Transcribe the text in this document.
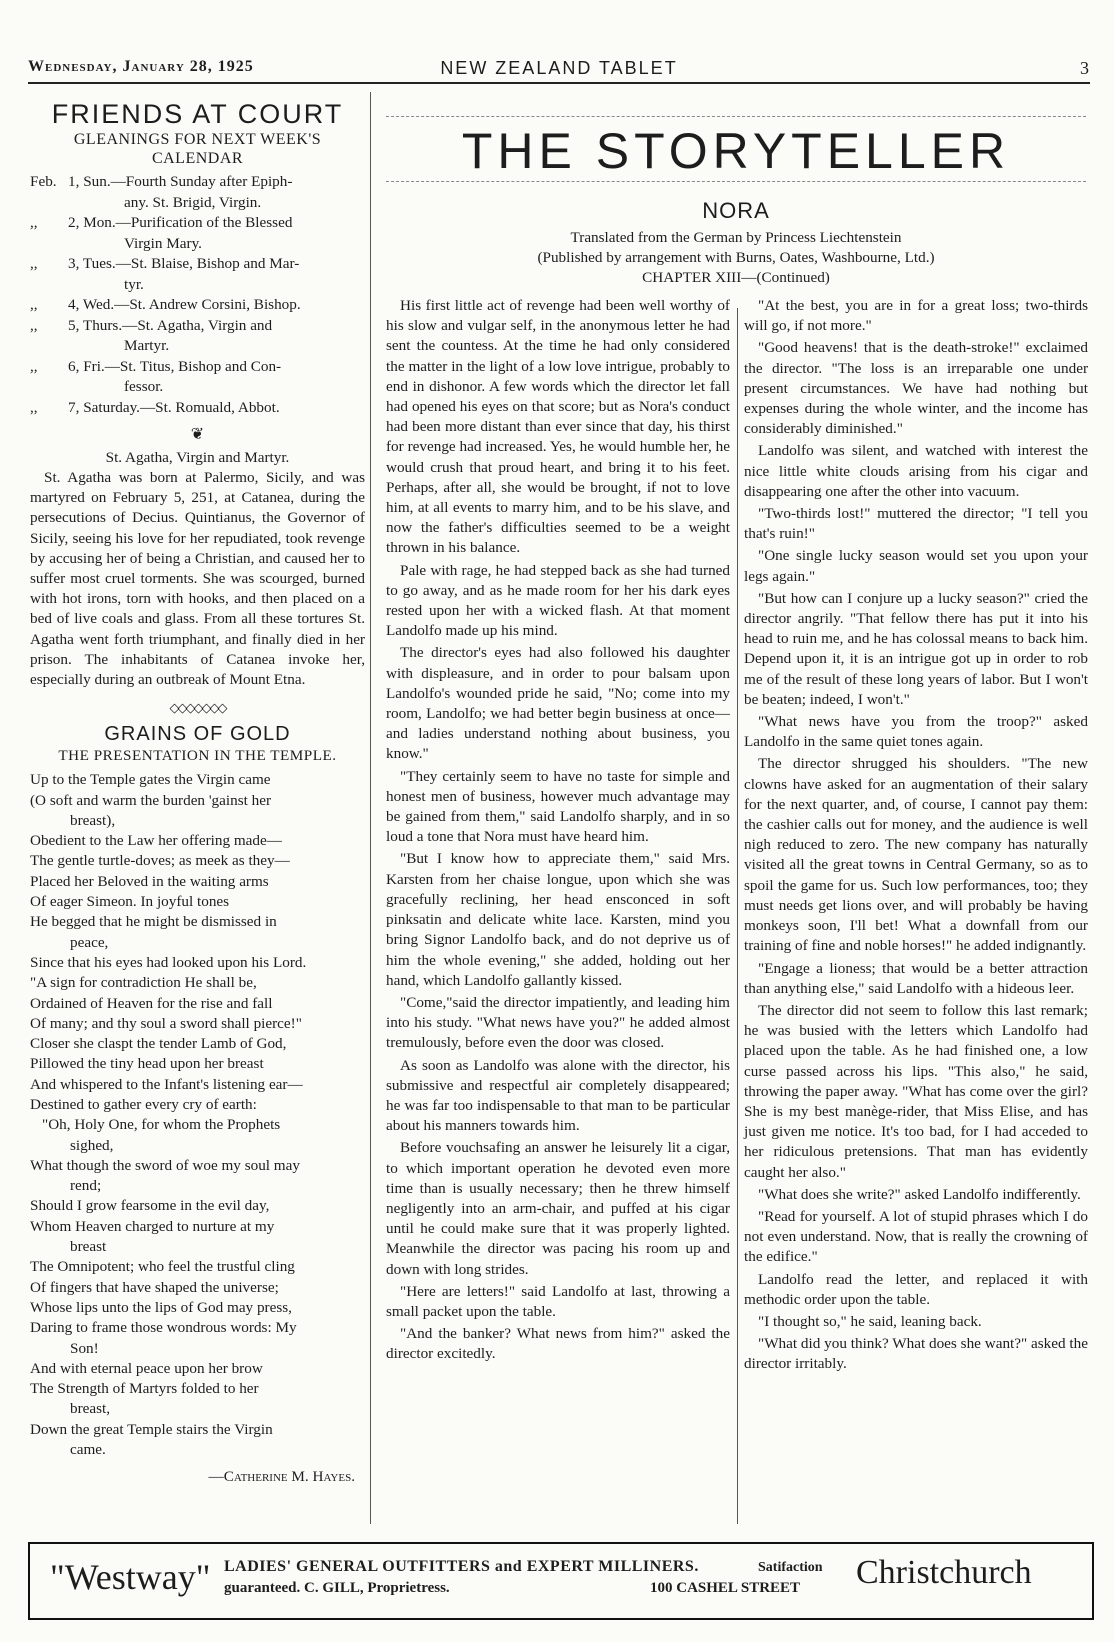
Wednesday, January 28, 1925	NEW ZEALAND TABLET	3
FRIENDS AT COURT
GLEANINGS FOR NEXT WEEK'S CALENDAR
Feb. 1, Sun.—Fourth Sunday after Epiph-
any. St. Brigid, Virgin.
,,	2, Mon.—Purification of the Blessed
Virgin Mary.
,,	3, Tues.—St. Blaise, Bishop and Mar-
tyr.
,,	4, Wed.—St. Andrew Corsini, Bishop.
,,	5, Thurs.—St. Agatha, Virgin and
Martyr.
,,	6, Fri.—St. Titus, Bishop and Con-
fessor.
,,	7, Saturday.—St. Romuald, Abbot.
❦
St. Agatha, Virgin and Martyr.

St. Agatha was born at Palermo, Sicily, and was martyred on February 5, 251, at Catanea, during the persecutions of Decius. Quintianus, the Governor of Sicily, seeing his love for her repudiated, took revenge by accusing her of being a Christian, and caused her to suffer most cruel torments. She was scourged, burned with hot irons, torn with hooks, and then placed on a bed of live coals and glass. From all these tortures St. Agatha went forth triumphant, and finally died in her prison. The inhabitants of Catanea invoke her, especially during an outbreak of Mount Etna.

◇◇◇◇◇◇◇
GRAINS OF GOLD
THE PRESENTATION IN THE TEMPLE.
Up to the Temple gates the Virgin came
(O soft and warm the burden 'gainst her
breast),
Obedient to the Law her offering made—
The gentle turtle-doves; as meek as they—
Placed her Beloved in the waiting arms
Of eager Simeon. In joyful tones
He begged that he might be dismissed in
peace,
Since that his eyes had looked upon his Lord.
"A sign for contradiction He shall be,
Ordained of Heaven for the rise and fall
Of many; and thy soul a sword shall pierce!"
Closer she claspt the tender Lamb of God,
Pillowed the tiny head upon her breast
And whispered to the Infant's listening ear—
Destined to gather every cry of earth:
"Oh, Holy One, for whom the Prophets
sighed,
What though the sword of woe my soul may
rend;
Should I grow fearsome in the evil day,
Whom Heaven charged to nurture at my
breast
The Omnipotent; who feel the trustful cling
Of fingers that have shaped the universe;
Whose lips unto the lips of God may press,
Daring to frame those wondrous words: My
Son!
And with eternal peace upon her brow
The Strength of Martyrs folded to her
breast,
Down the great Temple stairs the Virgin
came.
—Catherine M. Hayes.
THE STORYTELLER
NORA
Translated from the German by Princess Liechtenstein
(Published by arrangement with Burns, Oates, Washbourne, Ltd.)
CHAPTER XIII—(Continued)

His first little act of revenge had been well worthy of his slow and vulgar self, in the anonymous letter he had sent the countess. At the time he had only considered the matter in the light of a low love intrigue, probably to end in dishonor. A few words which the director let fall had opened his eyes on that score; but as Nora's conduct had been more distant than ever since that day, his thirst for revenge had increased. Yes, he would humble her, he would crush that proud heart, and bring it to his feet. Perhaps, after all, she would be brought, if not to love him, at all events to marry him, and to be his slave, and now the father's difficulties seemed to be a weight thrown in his balance.

Pale with rage, he had stepped back as she had turned to go away, and as he made room for her his dark eyes rested upon her with a wicked flash. At that moment Landolfo made up his mind.

The director's eyes had also followed his daughter with displeasure, and in order to pour balsam upon Landolfo's wounded pride he said, "No; come into my room, Landolfo; we had better begin business at once—and ladies understand nothing about business, you know."

"They certainly seem to have no taste for simple and honest men of business, however much advantage may be gained from them," said Landolfo sharply, and in so loud a tone that Nora must have heard him.

"But I know how to appreciate them," said Mrs. Karsten from her chaise longue, upon which she was gracefully reclining, her head ensconced in soft pinksatin and delicate white lace. Karsten, mind you bring Signor Landolfo back, and do not deprive us of him the whole evening," she added, holding out her hand, which Landolfo gallantly kissed.

"Come,"said the director impatiently, and leading him into his study. "What news have you?" he added almost tremulously, before even the door was closed.

As soon as Landolfo was alone with the director, his submissive and respectful air completely disappeared; he was far too indispensable to that man to be particular about his manners towards him.

Before vouchsafing an answer he leisurely lit a cigar, to which important operation he devoted even more time than is usually necessary; then he threw himself negligently into an arm-chair, and puffed at his cigar until he could make sure that it was properly lighted. Meanwhile the director was pacing his room up and down with long strides.

"Here are letters!" said Landolfo at last, throwing a small packet upon the table.

"And the banker? What news from him?" asked the director excitedly.

"At the best, you are in for a great loss; two-thirds will go, if not more."

"Good heavens! that is the death-stroke!" exclaimed the director. "The loss is an irreparable one under present circumstances. We have had nothing but expenses during the whole winter, and the income has considerably diminished."

Landolfo was silent, and watched with interest the nice little white clouds arising from his cigar and disappearing one after the other into vacuum.

"Two-thirds lost!" muttered the director; "I tell you that's ruin!"

"One single lucky season would set you upon your legs again."

"But how can I conjure up a lucky season?" cried the director angrily. "That fellow there has put it into his head to ruin me, and he has colossal means to back him. Depend upon it, it is an intrigue got up in order to rob me of the result of these long years of labor. But I won't be beaten; indeed, I won't."

"What news have you from the troop?" asked Landolfo in the same quiet tones again.

The director shrugged his shoulders. "The new clowns have asked for an augmentation of their salary for the next quarter, and, of course, I cannot pay them: the cashier calls out for money, and the audience is well nigh reduced to zero. The new company has naturally visited all the great towns in Central Germany, so as to spoil the game for us. Such low performances, too; they must needs get lions over, and will probably be having monkeys soon, I'll bet! What a downfall from our training of fine and noble horses!" he added indignantly.

"Engage a lioness; that would be a better attraction than anything else," said Landolfo with a hideous leer.

The director did not seem to follow this last remark; he was busied with the letters which Landolfo had placed upon the table. As he had finished one, a low curse passed across his lips. "This also," he said, throwing the paper away. "What has come over the girl? She is my best manège-rider, that Miss Elise, and has just given me notice. It's too bad, for I had acceded to her ridiculous pretensions. That man has evidently caught her also."

"What does she write?" asked Landolfo indifferently.

"Read for yourself. A lot of stupid phrases which I do not even understand. Now, that is really the crowning of the edifice."

Landolfo read the letter, and replaced it with methodic order upon the table.

"I thought so," he said, leaning back.

"What did you think? What does she want?" asked the director irritably.

"Westway" LADIES' GENERAL OUTFITTERS and EXPERT MILLINERS.	Satifaction
guaranteed. C. GILL, Proprietress.	100 CASHEL STREET Christchurch
